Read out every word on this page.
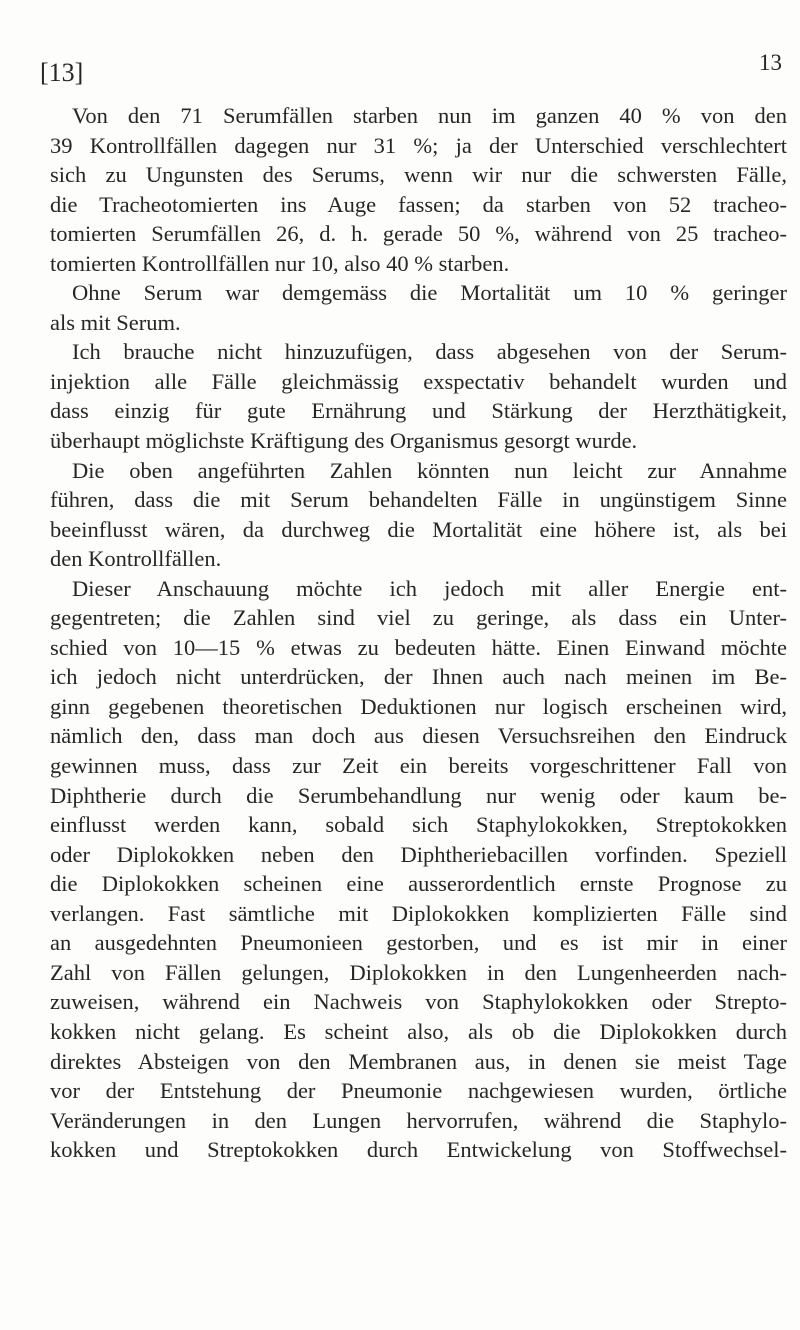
[13]	13
Von den 71 Serumfällen starben nun im ganzen 40 % von den
39 Kontrollfällen dagegen nur 31 %; ja der Unterschied verschlechtert
sich zu Ungunsten des Serums, wenn wir nur die schwersten Fälle,
die Tracheotomierten ins Auge fassen; da starben von 52 tracheo-
tomierten Serumfällen 26, d. h. gerade 50 %, während von 25 tracheo-
tomierten Kontrollfällen nur 10, also 40 % starben.
Ohne Serum war demgemäss die Mortalität um 10 % geringer
als mit Serum.
Ich brauche nicht hinzuzufügen, dass abgesehen von der Serum-
injektion alle Fälle gleichmässig exspectativ behandelt wurden und
dass einzig für gute Ernährung und Stärkung der Herzthätigkeit,
überhaupt möglichste Kräftigung des Organismus gesorgt wurde.
Die oben angeführten Zahlen könnten nun leicht zur Annahme
führen, dass die mit Serum behandelten Fälle in ungünstigem Sinne
beeinflusst wären, da durchweg die Mortalität eine höhere ist, als bei
den Kontrollfällen.
Dieser Anschauung möchte ich jedoch mit aller Energie ent-
gegentreten; die Zahlen sind viel zu geringe, als dass ein Unter-
schied von 10—15 % etwas zu bedeuten hätte. Einen Einwand möchte
ich jedoch nicht unterdrücken, der Ihnen auch nach meinen im Be-
ginn gegebenen theoretischen Deduktionen nur logisch erscheinen wird,
nämlich den, dass man doch aus diesen Versuchsreihen den Eindruck
gewinnen muss, dass zur Zeit ein bereits vorgeschrittener Fall von
Diphtherie durch die Serumbehandlung nur wenig oder kaum be-
einflusst werden kann, sobald sich Staphylokokken, Streptokokken
oder Diplokokken neben den Diphtheriebacillen vorfinden. Speziell
die Diplokokken scheinen eine ausserordentlich ernste Prognose zu
verlangen. Fast sämtliche mit Diplokokken komplizierten Fälle sind
an ausgedehnten Pneumonieen gestorben, und es ist mir in einer
Zahl von Fällen gelungen, Diplokokken in den Lungenheerden nach-
zuweisen, während ein Nachweis von Staphylokokken oder Strepto-
kokken nicht gelang. Es scheint also, als ob die Diplokokken durch
direktes Absteigen von den Membranen aus, in denen sie meist Tage
vor der Entstehung der Pneumonie nachgewiesen wurden, örtliche
Veränderungen in den Lungen hervorrufen, während die Staphylo-
kokken und Streptokokken durch Entwickelung von Stoffwechsel-
